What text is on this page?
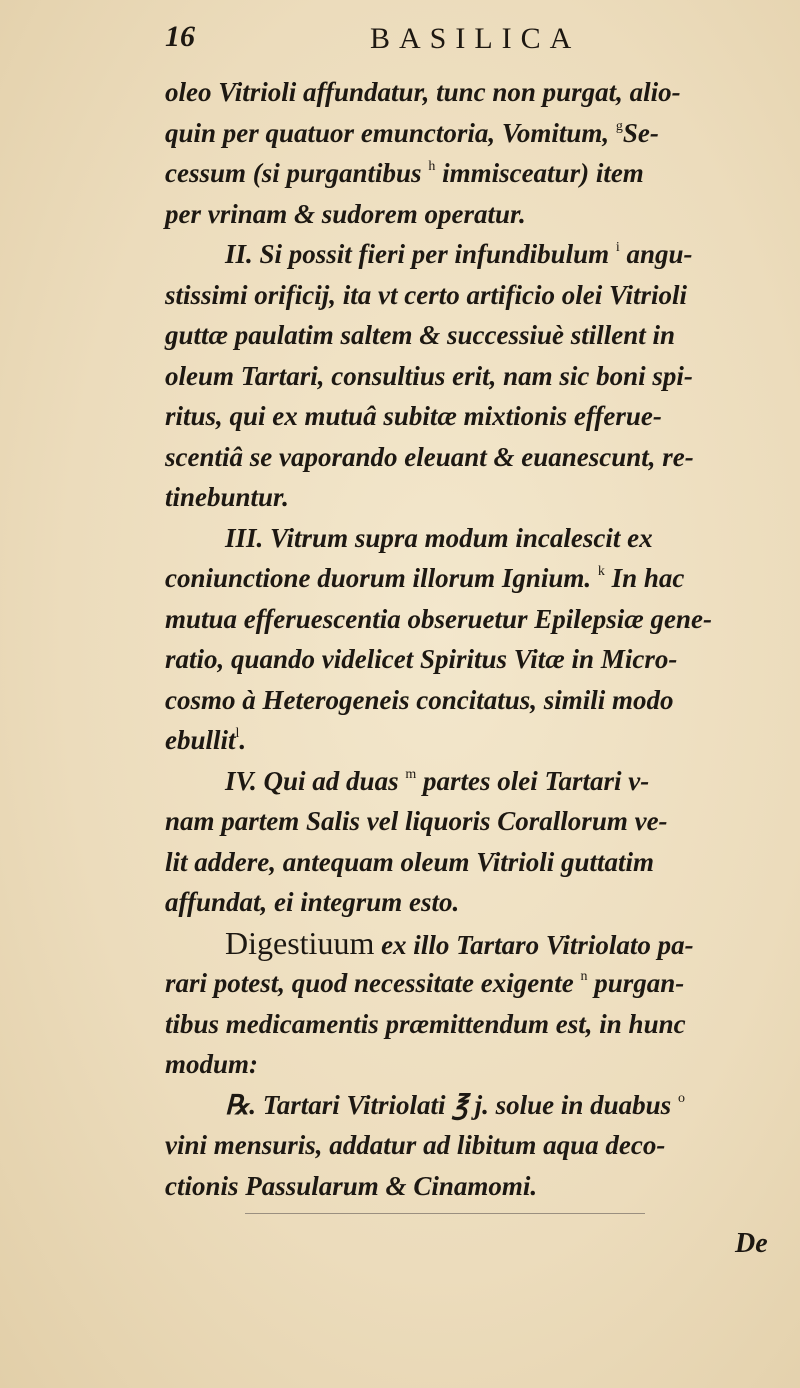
16	BASILICA
oleo Vitrioli affundatur, tunc non purgat, alio-
quin per quatuor emunctoria, Vomitum, $^g$Se-
cessum (si purgantibus $^h$ immisceatur) item
per vrinam & sudorem operatur.
II. Si possit fieri per infundibulum $^i$ angu-
stissimi orificij, ita vt certo artificio olei Vitrioli
guttæ paulatim saltem & successiuè stillent in
oleum Tartari, consultius erit, nam sic boni spi-
ritus, qui ex mutuâ subitæ mixtionis efferue-
scentiâ se vaporando eleuant & euanescunt, re-
tinebuntur.
III. Vitrum supra modum incalescit ex
coniunctione duorum illorum Ignium. $^k$ In hac
mutua efferuescentia obseruetur Epilepsiæ gene-
ratio, quando videlicet Spiritus Vitæ in Micro-
cosmo à Heterogeneis concitatus, simili modo
ebullit$^l$.
IV. Qui ad duas $^m$ partes olei Tartari v-
nam partem Salis vel liquoris Corallorum ve-
lit addere, antequam oleum Vitrioli guttatim
affundat, ei integrum esto.
Digestiuum ex illo Tartaro Vitriolato pa-
rari potest, quod necessitate exigente $^n$ purgan-
tibus medicamentis præmittendum est, in hunc
modum:
℞. Tartari Vitriolati ℥ j. solue in duabus $^o$
vini mensuris, addatur ad libitum aqua deco-
ctionis Passularum & Cinamomi.
De
